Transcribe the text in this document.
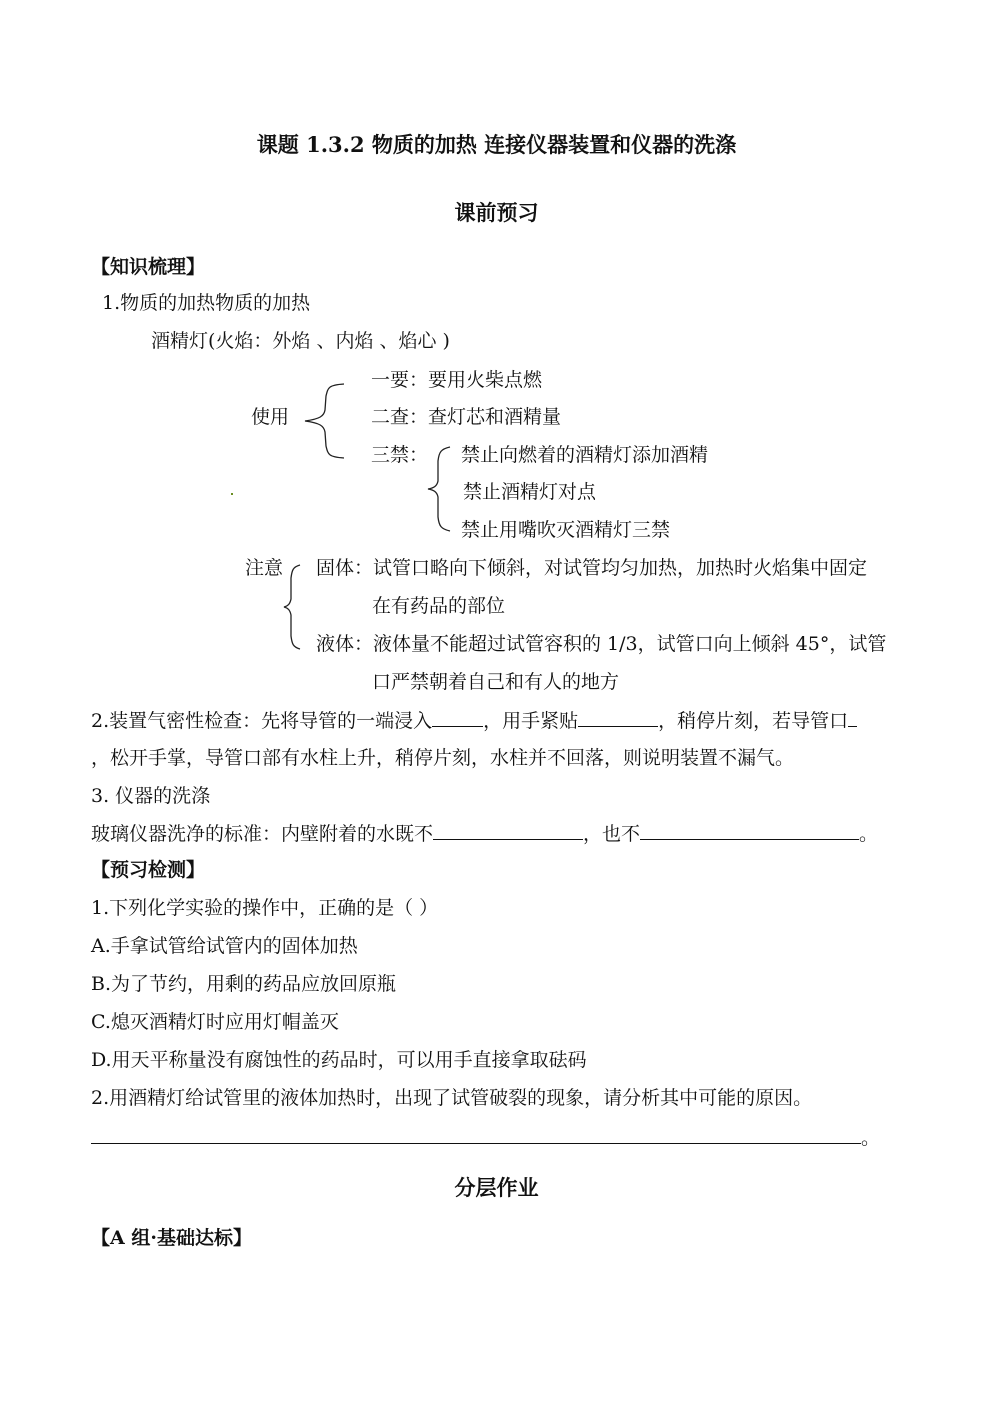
课题 1.3.2 物质的加热 连接仪器装置和仪器的洗涤
课前预习
【知识梳理】
1.物质的加热物质的加热
酒精灯(火焰：外焰 、内焰 、焰心 )
使用
一要：要用火柴点燃
二查：查灯芯和酒精量
三禁： 禁止向燃着的酒精灯添加酒精
禁止酒精灯对点
禁止用嘴吹灭酒精灯三禁
注意 固体：试管口略向下倾斜，对试管均匀加热，加热时火焰集中固定
在有药品的部位
液体：液体量不能超过试管容积的 1/3，试管口向上倾斜 45°，试管
口严禁朝着自己和有人的地方
2.装置气密性检查：先将导管的一端浸入	，用手紧贴	，稍停片刻，若导管口
，松开手掌，导管口部有水柱上升，稍停片刻，水柱并不回落，则说明装置不漏气。
3. 仪器的洗涤
玻璃仪器洗净的标准：内壁附着的水既不	，也不	。
【预习检测】
1.下列化学实验的操作中，正确的是（ ）
A.手拿试管给试管内的固体加热
B.为了节约，用剩的药品应放回原瓶
C.熄灭酒精灯时应用灯帽盖灭
D.用天平称量没有腐蚀性的药品时，可以用手直接拿取砝码
2.用酒精灯给试管里的液体加热时，出现了试管破裂的现象，请分析其中可能的原因。
。
分层作业
【A 组·基础达标】
